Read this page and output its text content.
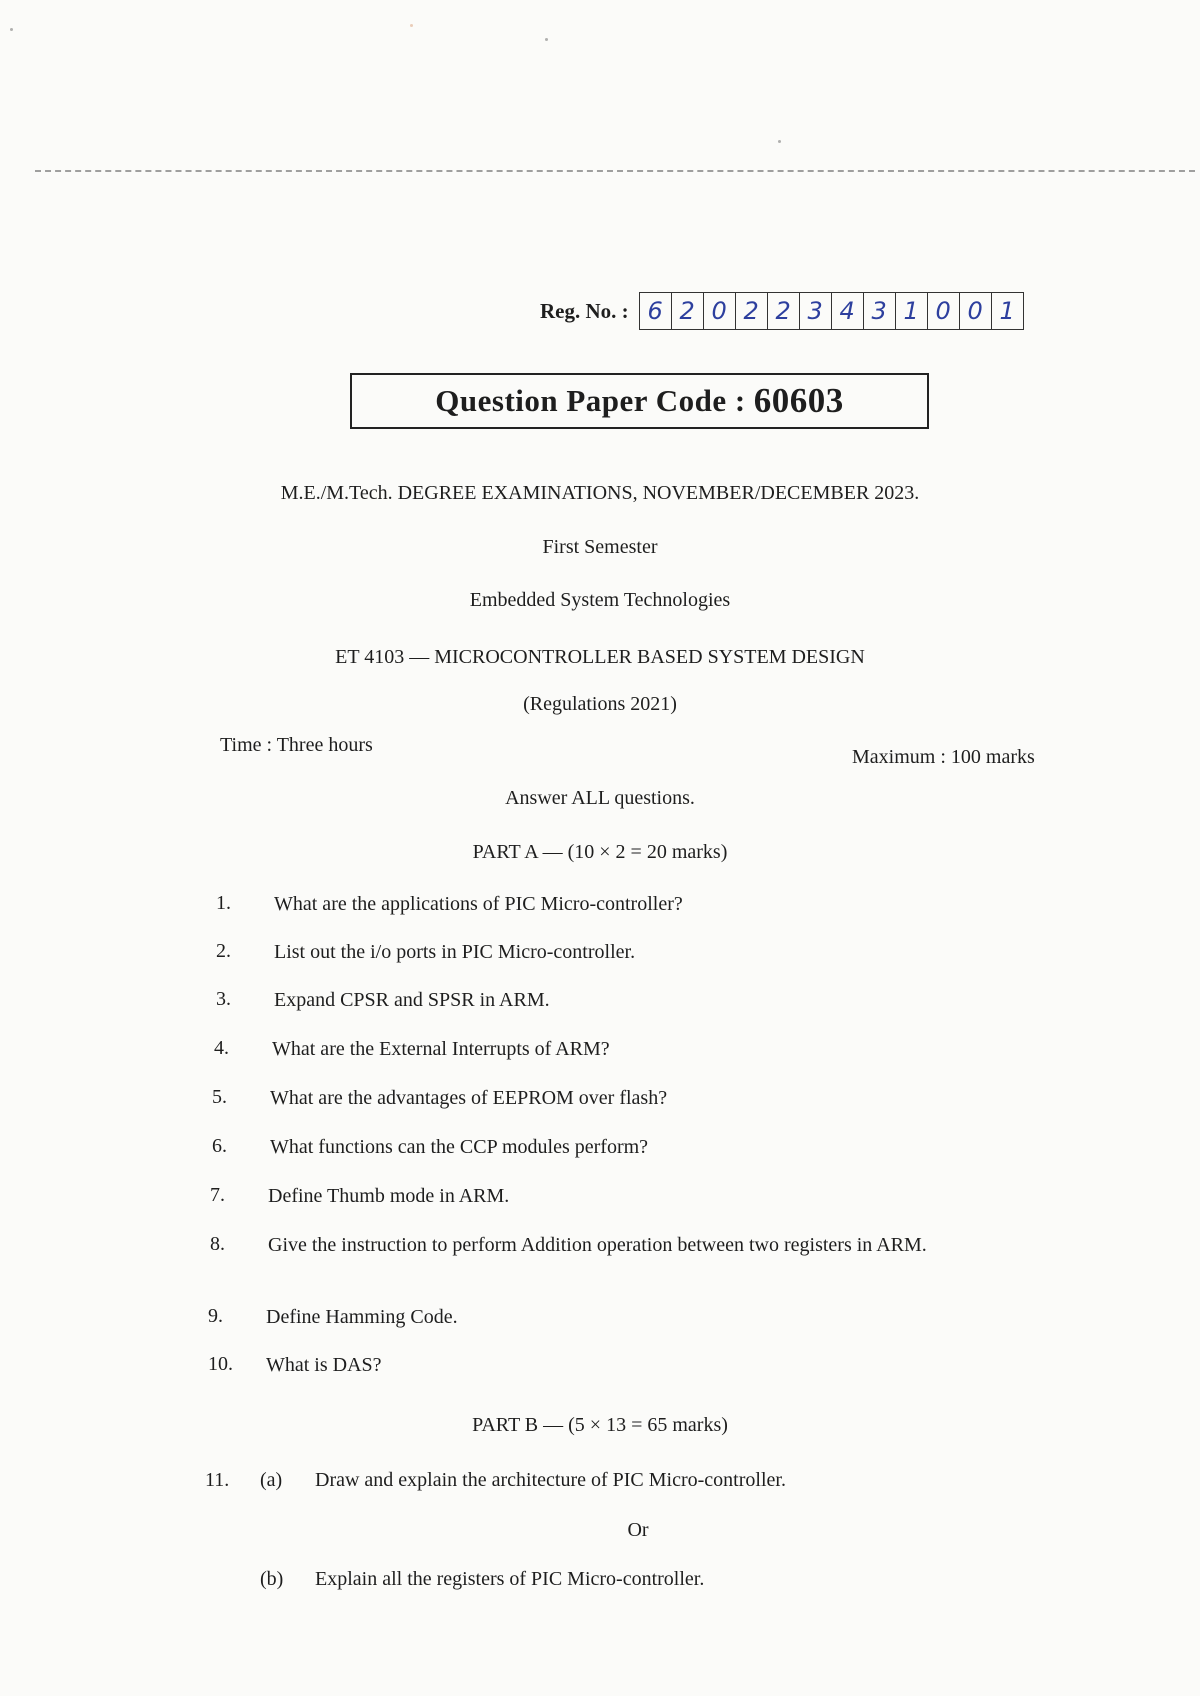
Reg. No. : 6 2 0 2 2 3 4 3 1 0 0 1
Question Paper Code : 60603
M.E./M.Tech. DEGREE EXAMINATIONS, NOVEMBER/DECEMBER 2023.
First Semester
Embedded System Technologies
ET 4103 — MICROCONTROLLER BASED SYSTEM DESIGN
(Regulations 2021)
Time : Three hours
Maximum : 100 marks
Answer ALL questions.
PART A — (10 × 2 = 20 marks)
1.	What are the applications of PIC Micro-controller?
2.	List out the i/o ports in PIC Micro-controller.
3.	Expand CPSR and SPSR in ARM.
4.	What are the External Interrupts of ARM?
5.	What are the advantages of EEPROM over flash?
6.	What functions can the CCP modules perform?
7.	Define Thumb mode in ARM.
8.	Give the instruction to perform Addition operation between two registers in ARM.
9.	Define Hamming Code.
10.	What is DAS?
PART B — (5 × 13 = 65 marks)
11.	(a)	Draw and explain the architecture of PIC Micro-controller.
Or
(b)	Explain all the registers of PIC Micro-controller.
